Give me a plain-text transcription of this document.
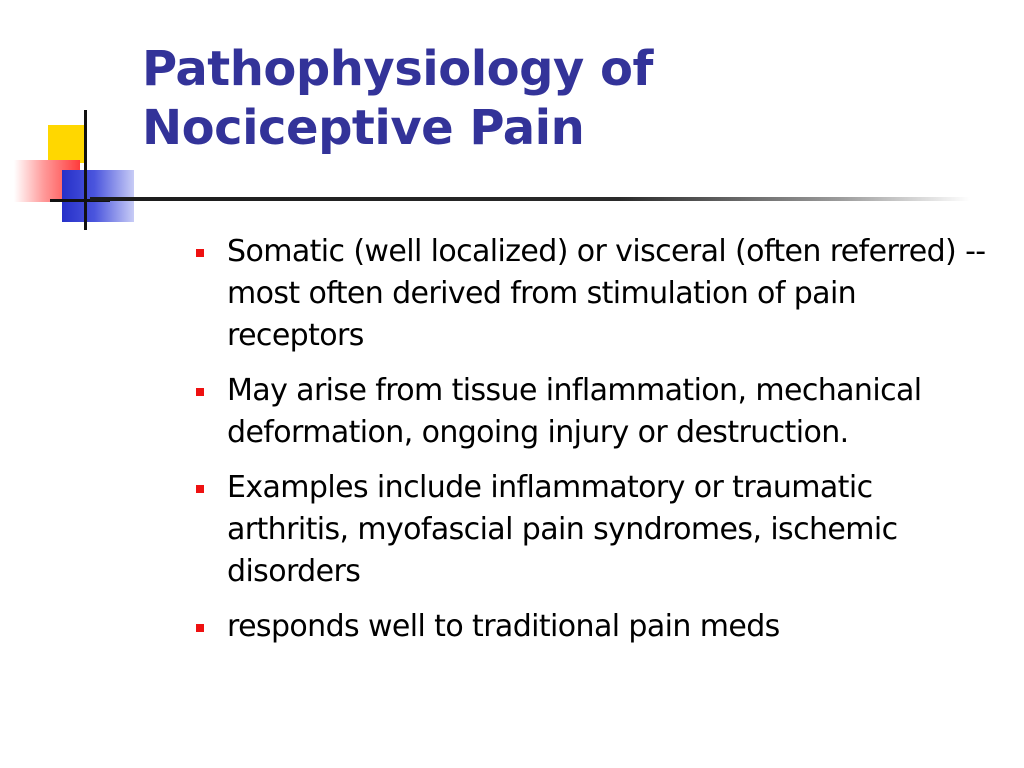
Pathophysiology of
Nociceptive Pain
Somatic (well localized) or visceral (often referred) -- most often derived from stimulation of pain receptors
May arise from tissue inflammation, mechanical deformation, ongoing injury or destruction.
Examples include inflammatory or traumatic arthritis, myofascial pain syndromes, ischemic disorders
responds well to traditional pain meds
